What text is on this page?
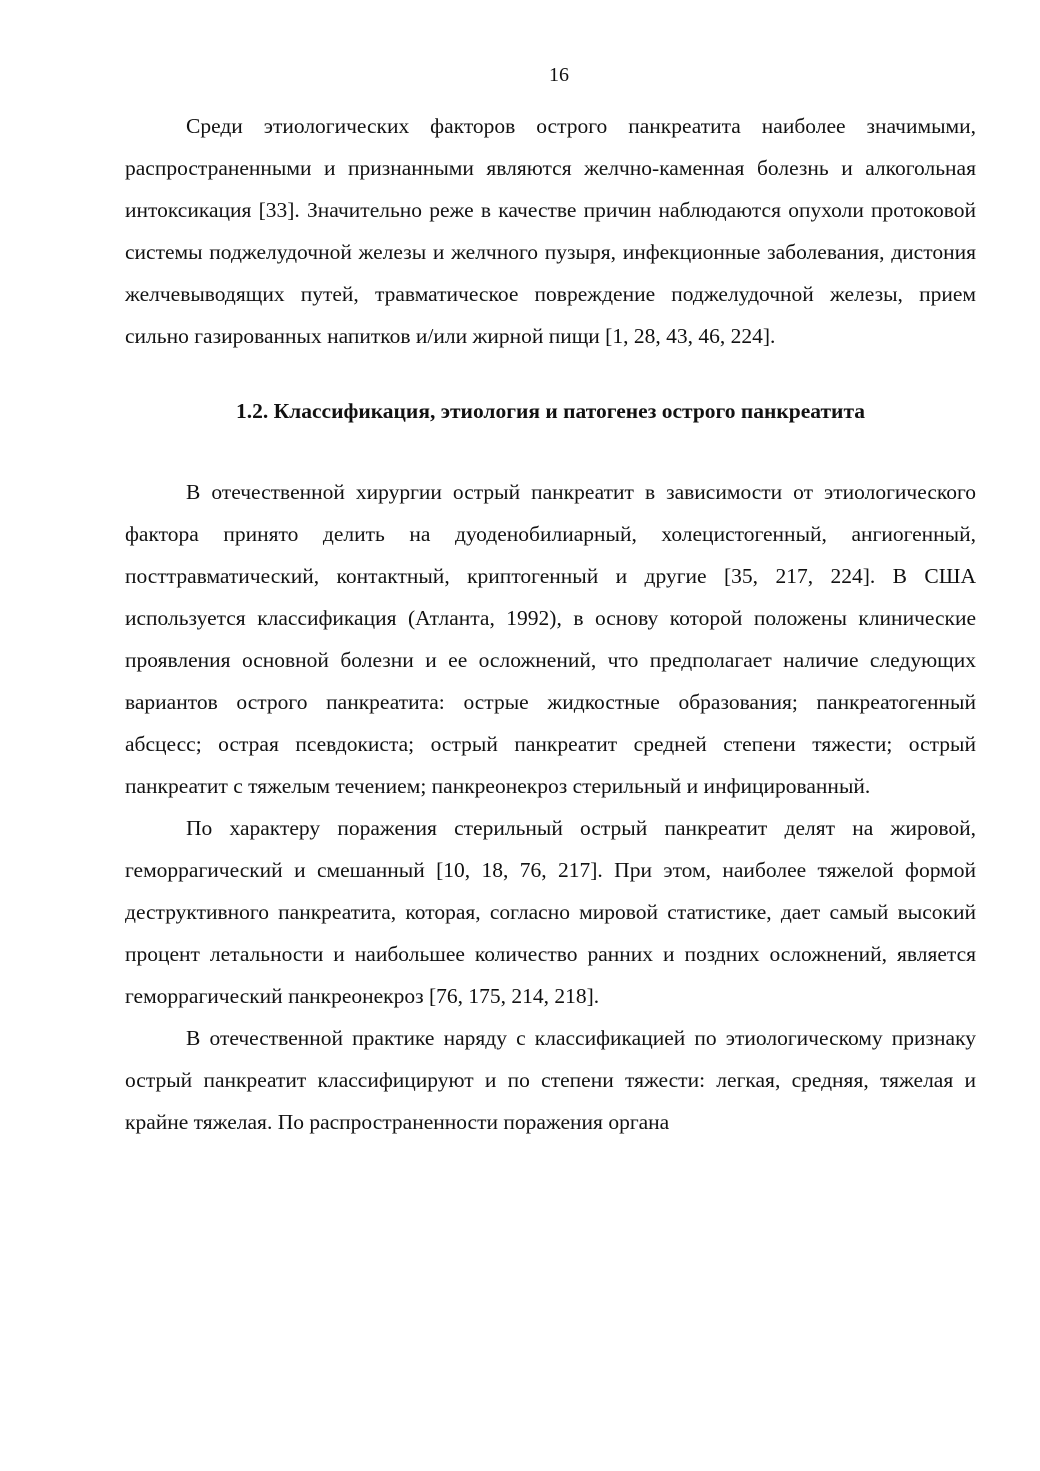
16

Среди этиологических факторов острого панкреатита наиболее значимыми, распространенными и признанными являются желчно-каменная болезнь и алкогольная интоксикация [33]. Значительно реже в качестве причин наблюдаются опухоли протоковой системы поджелудочной железы и желчного пузыря, инфекционные заболевания, дистония желчевыводящих путей, травматическое повреждение поджелудочной железы, прием сильно газированных напитков и/или жирной пищи [1, 28, 43, 46, 224].

1.2. Классификация, этиология и патогенез острого панкреатита

В отечественной хирургии острый панкреатит в зависимости от этиологического фактора принято делить на дуоденобилиарный, холецистогенный, ангиогенный, посттравматический, контактный, криптогенный и другие [35, 217, 224]. В США используется классификация (Атланта, 1992), в основу которой положены клинические проявления основной болезни и ее осложнений, что предполагает наличие следующих вариантов острого панкреатита: острые жидкостные образования; панкреатогенный абсцесс; острая псевдокиста; острый панкреатит средней степени тяжести; острый панкреатит с тяжелым течением; панкреонекроз стерильный и инфицированный.

По характеру поражения стерильный острый панкреатит делят на жировой, геморрагический и смешанный [10, 18, 76, 217]. При этом, наиболее тяжелой формой деструктивного панкреатита, которая, согласно мировой статистике, дает самый высокий процент летальности и наибольшее количество ранних и поздних осложнений, является геморрагический панкреонекроз [76, 175, 214, 218].

В отечественной практике наряду с классификацией по этиологическому признаку острый панкреатит классифицируют и по степени тяжести: легкая, средняя, тяжелая и крайне тяжелая. По распространенности поражения органа
